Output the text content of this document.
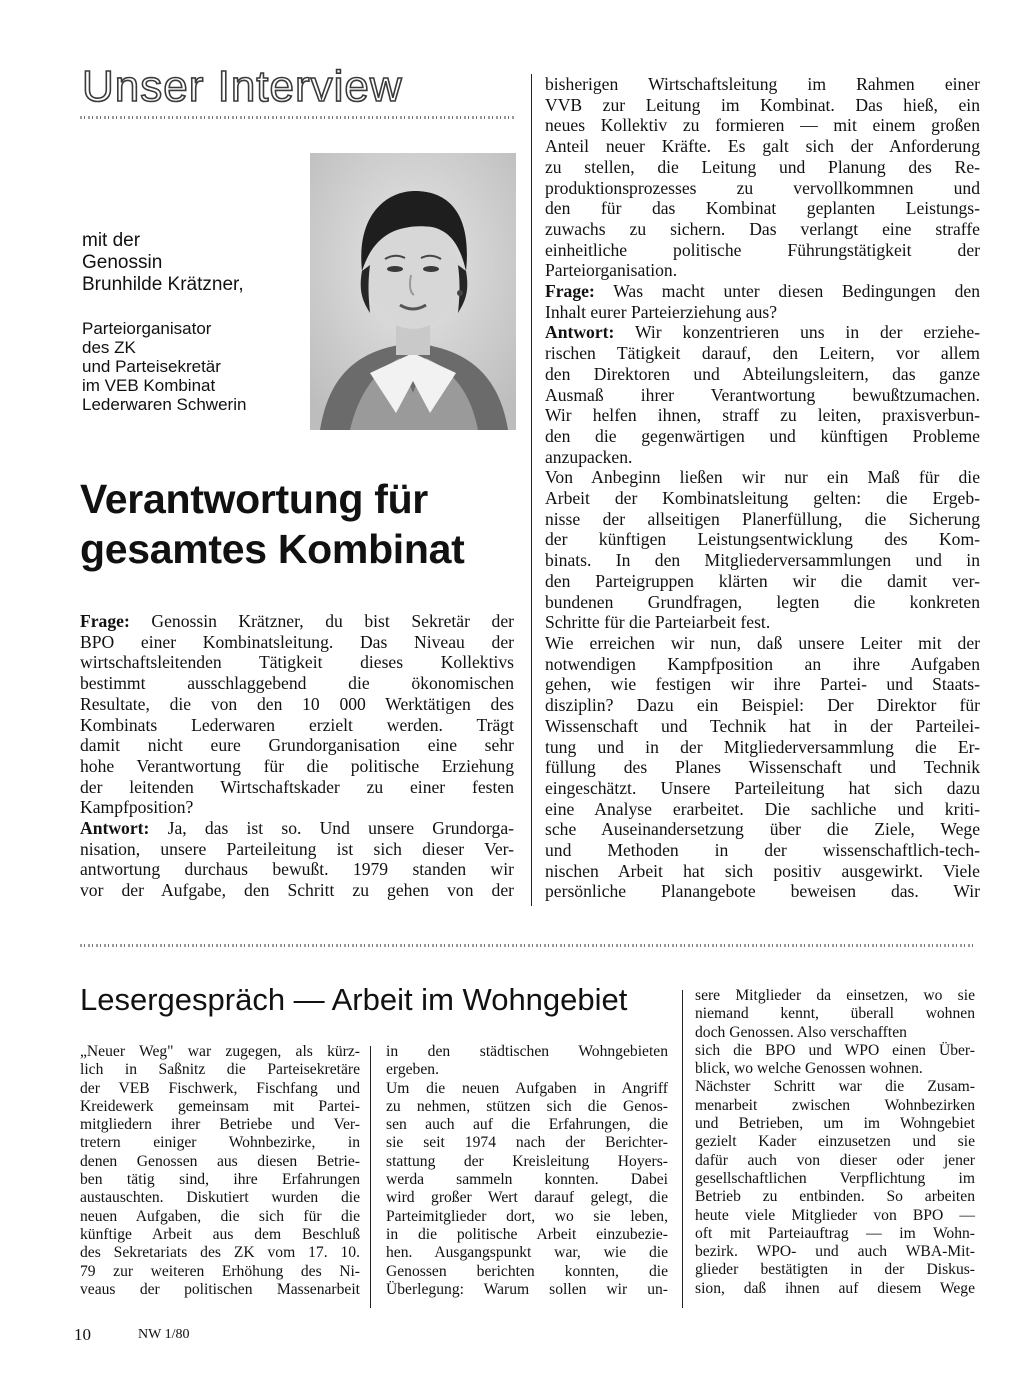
Unser Interview
mit der
Genossin
Brunhilde Krätzner,
Parteiorganisator
des ZK
und Parteisekretär
im VEB Kombinat
Lederwaren Schwerin
Verantwortung für
gesamtes Kombinat
Frage: Genossin Krätzner, du bist Sekretär der
BPO einer Kombinatsleitung. Das Niveau der
wirtschaftsleitenden Tätigkeit dieses Kollektivs
bestimmt ausschlaggebend die ökonomischen
Resultate, die von den 10 000 Werktätigen des
Kombinats Lederwaren erzielt werden. Trägt
damit nicht eure Grundorganisation eine sehr
hohe Verantwortung für die politische Erziehung
der leitenden Wirtschaftskader zu einer festen
Kampfposition?
Antwort: Ja, das ist so. Und unsere Grundorga-
nisation, unsere Parteileitung ist sich dieser Ver-
antwortung durchaus bewußt. 1979 standen wir
vor der Aufgabe, den Schritt zu gehen von der
bisherigen Wirtschaftsleitung im Rahmen einer
VVB zur Leitung im Kombinat. Das hieß, ein
neues Kollektiv zu formieren — mit einem großen
Anteil neuer Kräfte. Es galt sich der Anforderung
zu stellen, die Leitung und Planung des Re-
produktionsprozesses zu vervollkommnen und
den für das Kombinat geplanten Leistungs-
zuwachs zu sichern. Das verlangt eine straffe
einheitliche politische Führungstätigkeit der
Parteiorganisation.
Frage: Was macht unter diesen Bedingungen den
Inhalt eurer Parteierziehung aus?
Antwort: Wir konzentrieren uns in der erziehe-
rischen Tätigkeit darauf, den Leitern, vor allem
den Direktoren und Abteilungsleitern, das ganze
Ausmaß ihrer Verantwortung bewußtzumachen.
Wir helfen ihnen, straff zu leiten, praxisverbun-
den die gegenwärtigen und künftigen Probleme
anzupacken.
Von Anbeginn ließen wir nur ein Maß für die
Arbeit der Kombinatsleitung gelten: die Ergeb-
nisse der allseitigen Planerfüllung, die Sicherung
der künftigen Leistungsentwicklung des Kom-
binats. In den Mitgliederversammlungen und in
den Parteigruppen klärten wir die damit ver-
bundenen Grundfragen, legten die konkreten
Schritte für die Parteiarbeit fest.
Wie erreichen wir nun, daß unsere Leiter mit der
notwendigen Kampfposition an ihre Aufgaben
gehen, wie festigen wir ihre Partei- und Staats-
disziplin? Dazu ein Beispiel: Der Direktor für
Wissenschaft und Technik hat in der Parteilei-
tung und in der Mitgliederversammlung die Er-
füllung des Planes Wissenschaft und Technik
eingeschätzt. Unsere Parteileitung hat sich dazu
eine Analyse erarbeitet. Die sachliche und kriti-
sche Auseinandersetzung über die Ziele, Wege
und Methoden in der wissenschaftlich-tech-
nischen Arbeit hat sich positiv ausgewirkt. Viele
persönliche Planangebote beweisen das. Wir
Lesergespräch — Arbeit im Wohngebiet
„Neuer Weg" war zugegen, als kürz-
lich in Saßnitz die Parteisekretäre
der VEB Fischwerk, Fischfang und
Kreidewerk gemeinsam mit Partei-
mitgliedern ihrer Betriebe und Ver-
tretern einiger Wohnbezirke, in
denen Genossen aus diesen Betrie-
ben tätig sind, ihre Erfahrungen
austauschten. Diskutiert wurden die
neuen Aufgaben, die sich für die
künftige Arbeit aus dem Beschluß
des Sekretariats des ZK vom 17. 10.
79 zur weiteren Erhöhung des Ni-
veaus der politischen Massenarbeit
in den städtischen Wohngebieten
ergeben.
Um die neuen Aufgaben in Angriff
zu nehmen, stützen sich die Genos-
sen auch auf die Erfahrungen, die
sie seit 1974 nach der Berichter-
stattung der Kreisleitung Hoyers-
werda sammeln konnten. Dabei
wird großer Wert darauf gelegt, die
Parteimitglieder dort, wo sie leben,
in die politische Arbeit einzubezie-
hen. Ausgangspunkt war, wie die
Genossen berichten konnten, die
Überlegung: Warum sollen wir un-
sere Mitglieder da einsetzen, wo sie
niemand kennt, überall wohnen
doch Genossen. Also verschafften
sich die BPO und WPO einen Über-
blick, wo welche Genossen wohnen.
Nächster Schritt war die Zusam-
menarbeit zwischen Wohnbezirken
und Betrieben, um im Wohngebiet
gezielt Kader einzusetzen und sie
dafür auch von dieser oder jener
gesellschaftlichen Verpflichtung im
Betrieb zu entbinden. So arbeiten
heute viele Mitglieder von BPO —
oft mit Parteiauftrag — im Wohn-
bezirk. WPO- und auch WBA-Mit-
glieder bestätigten in der Diskus-
sion, daß ihnen auf diesem Wege
10	NW 1/80
